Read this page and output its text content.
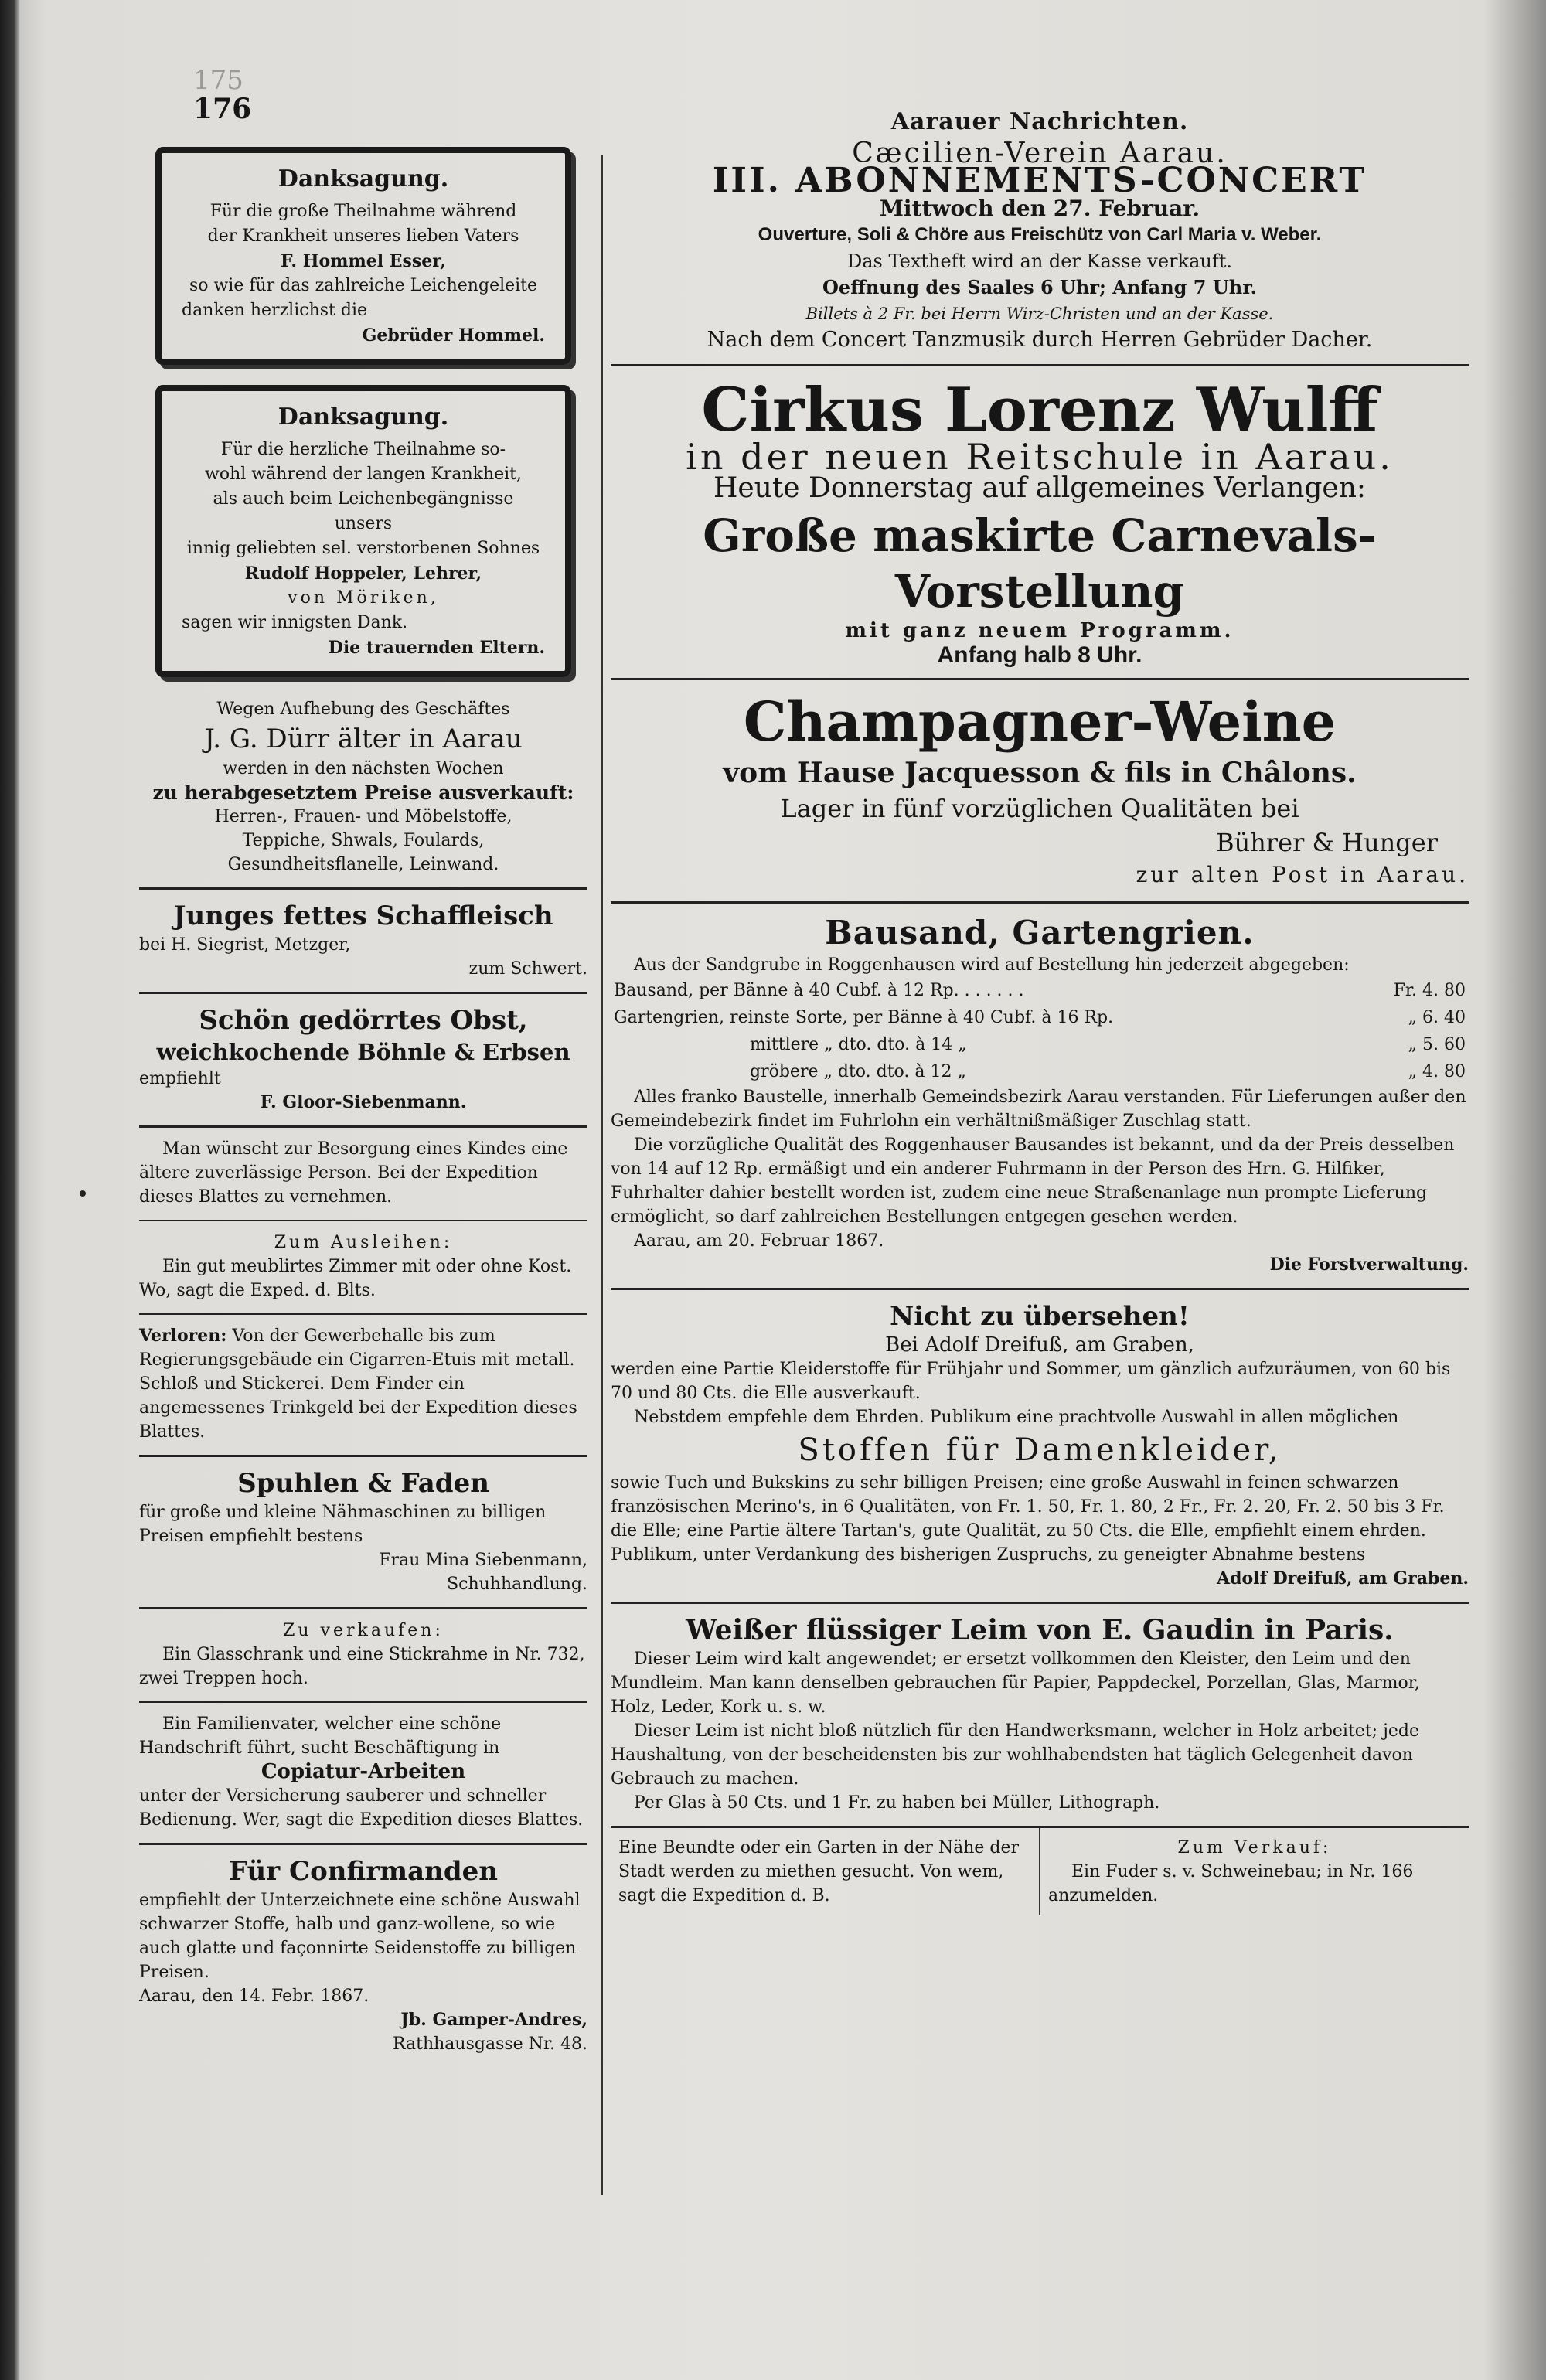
175
176
Danksagung.
Für die große Theilnahme während
der Krankheit unseres lieben Vaters
F. Hommel Esser,
so wie für das zahlreiche Leichengeleite
danken herzlichst die
Gebrüder Hommel.
Danksagung.
Für die herzliche Theilnahme so-
wohl während der langen Krankheit,
als auch beim Leichenbegängnisse unsers
innig geliebten sel. verstorbenen Sohnes
Rudolf Hoppeler, Lehrer,
von Möriken,
sagen wir innigsten Dank.
Die trauernden Eltern.
Wegen Aufhebung des Geschäftes
J. G. Dürr älter in Aarau
werden in den nächsten Wochen
zu herabgesetztem Preise ausverkauft:
Herren-, Frauen- und Möbelstoffe,
Teppiche, Shwals, Foulards,
Gesundheitsflanelle, Leinwand.
Junges fettes Schaffleisch
bei H. Siegrist, Metzger,
zum Schwert.
Schön gedörrtes Obst,
weichkochende Böhnle & Erbsen
empfiehlt
F. Gloor-Siebenmann.
Man wünscht zur Besorgung eines Kindes eine ältere zuverlässige Person. Bei der Expedition dieses Blattes zu vernehmen.
Zum Ausleihen:
Ein gut meublirtes Zimmer mit oder ohne Kost. Wo, sagt die Exped. d. Blts.
Verloren: Von der Gewerbehalle bis zum Regierungsgebäude ein Cigarren-Etuis mit metall. Schloß und Stickerei. Dem Finder ein angemessenes Trinkgeld bei der Expedition dieses Blattes.
Spuhlen & Faden
für große und kleine Nähmaschinen zu billigen Preisen empfiehlt bestens
Frau Mina Siebenmann,
Schuhhandlung.
Zu verkaufen:
Ein Glasschrank und eine Stickrahme in Nr. 732, zwei Treppen hoch.
Ein Familienvater, welcher eine schöne Handschrift führt, sucht Beschäftigung in
Copiatur-Arbeiten
unter der Versicherung sauberer und schneller Bedienung. Wer, sagt die Expedition dieses Blattes.
Für Confirmanden
empfiehlt der Unterzeichnete eine schöne Auswahl schwarzer Stoffe, halb und ganz-wollene, so wie auch glatte und façonnirte Seidenstoffe zu billigen Preisen.
Aarau, den 14. Febr. 1867.
Jb. Gamper-Andres,
Rathhausgasse Nr. 48.
Aarauer Nachrichten.
Cæcilien-Verein Aarau.
III. ABONNEMENTS-CONCERT
Mittwoch den 27. Februar.
Ouverture, Soli & Chöre aus Freischütz von Carl Maria v. Weber.
Das Textheft wird an der Kasse verkauft.
Oeffnung des Saales 6 Uhr; Anfang 7 Uhr.
Billets à 2 Fr. bei Herrn Wirz-Christen und an der Kasse.
Nach dem Concert Tanzmusik durch Herren Gebrüder Dacher.
Cirkus Lorenz Wulff
in der neuen Reitschule in Aarau.
Heute Donnerstag auf allgemeines Verlangen:
Große maskirte Carnevals-Vorstellung
mit ganz neuem Programm.
Anfang halb 8 Uhr.
Champagner-Weine
vom Hause Jacquesson & fils in Châlons.
Lager in fünf vorzüglichen Qualitäten bei
Bührer & Hunger
zur alten Post in Aarau.
Bausand, Gartengrien.
Aus der Sandgrube in Roggenhausen wird auf Bestellung hin jederzeit abgegeben:
Bausand, per Bänne à 40 Cubf. à 12 Rp. . . . . . .	Fr. 4. 80
Gartengrien, reinste Sorte, per Bänne à 40 Cubf. à 16 Rp.	„ 6. 40
mittlere „ dto. dto. à 14 „	„ 5. 60
gröbere „ dto. dto. à 12 „	„ 4. 80
Alles franko Baustelle, innerhalb Gemeindsbezirk Aarau verstanden. Für Lieferungen außer den Gemeindebezirk findet im Fuhrlohn ein verhältnißmäßiger Zuschlag statt.
Die vorzügliche Qualität des Roggenhauser Bausandes ist bekannt, und da der Preis desselben von 14 auf 12 Rp. ermäßigt und ein anderer Fuhrmann in der Person des Hrn. G. Hilfiker, Fuhrhalter dahier bestellt worden ist, zudem eine neue Straßenanlage nun prompte Lieferung ermöglicht, so darf zahlreichen Bestellungen entgegen gesehen werden.
Aarau, am 20. Februar 1867.
Die Forstverwaltung.
Nicht zu übersehen!
Bei Adolf Dreifuß, am Graben,
werden eine Partie Kleiderstoffe für Frühjahr und Sommer, um gänzlich aufzuräumen, von 60 bis 70 und 80 Cts. die Elle ausverkauft.
Nebstdem empfehle dem Ehrden. Publikum eine prachtvolle Auswahl in allen möglichen
Stoffen für Damenkleider,
sowie Tuch und Bukskins zu sehr billigen Preisen; eine große Auswahl in feinen schwarzen französischen Merino's, in 6 Qualitäten, von Fr. 1. 50, Fr. 1. 80, 2 Fr., Fr. 2. 20, Fr. 2. 50 bis 3 Fr. die Elle; eine Partie ältere Tartan's, gute Qualität, zu 50 Cts. die Elle, empfiehlt einem ehrden. Publikum, unter Verdankung des bisherigen Zuspruchs, zu geneigter Abnahme bestens
Adolf Dreifuß, am Graben.
Weißer flüssiger Leim von E. Gaudin in Paris.
Dieser Leim wird kalt angewendet; er ersetzt vollkommen den Kleister, den Leim und den Mundleim. Man kann denselben gebrauchen für Papier, Pappdeckel, Porzellan, Glas, Marmor, Holz, Leder, Kork u. s. w.
Dieser Leim ist nicht bloß nützlich für den Handwerksmann, welcher in Holz arbeitet; jede Haushaltung, von der bescheidensten bis zur wohlhabendsten hat täglich Gelegenheit davon Gebrauch zu machen.
Per Glas à 50 Cts. und 1 Fr. zu haben bei Müller, Lithograph.
Eine Beundte oder ein Garten in der Nähe der Stadt werden zu miethen gesucht. Von wem, sagt die Expedition d. B.
Zum Verkauf:
Ein Fuder s. v. Schweinebau; in Nr. 166 anzumelden.
